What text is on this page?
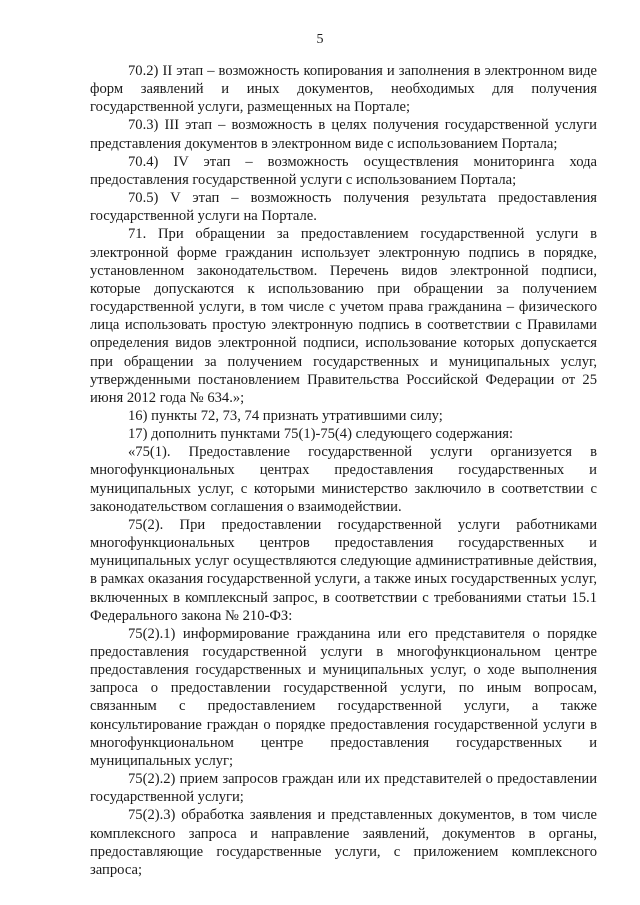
5

70.2) II этап – возможность копирования и заполнения в электронном виде форм заявлений и иных документов, необходимых для получения государственной услуги, размещенных на Портале;

70.3) III этап – возможность в целях получения государственной услуги представления документов в электронном виде с использованием Портала;

70.4) IV этап – возможность осуществления мониторинга хода предоставления государственной услуги с использованием Портала;

70.5) V этап – возможность получения результата предоставления государственной услуги на Портале.

71. При обращении за предоставлением государственной услуги в электронной форме гражданин использует электронную подпись в порядке, установленном законодательством. Перечень видов электронной подписи, которые допускаются к использованию при обращении за получением государственной услуги, в том числе с учетом права гражданина – физического лица использовать простую электронную подпись в соответствии с Правилами определения видов электронной подписи, использование которых допускается при обращении за получением государственных и муниципальных услуг, утвержденными постановлением Правительства Российской Федерации от 25 июня 2012 года № 634.»;

16) пункты 72, 73, 74 признать утратившими силу;

17) дополнить пунктами 75(1)-75(4) следующего содержания:

«75(1). Предоставление государственной услуги организуется в многофункциональных центрах предоставления государственных и муниципальных услуг, с которыми министерство заключило в соответствии с законодательством соглашения о взаимодействии.

75(2). При предоставлении государственной услуги работниками многофункциональных центров предоставления государственных и муниципальных услуг осуществляются следующие административные действия, в рамках оказания государственной услуги, а также иных государственных услуг, включенных в комплексный запрос, в соответствии с требованиями статьи 15.1 Федерального закона № 210-ФЗ:

75(2).1) информирование гражданина или его представителя о порядке предоставления государственной услуги в многофункциональном центре предоставления государственных и муниципальных услуг, о ходе выполнения запроса о предоставлении государственной услуги, по иным вопросам, связанным с предоставлением государственной услуги, а также консультирование граждан о порядке предоставления государственной услуги в многофункциональном центре предоставления государственных и муниципальных услуг;

75(2).2) прием запросов граждан или их представителей о предоставлении государственной услуги;

75(2).3) обработка заявления и представленных документов, в том числе комплексного запроса и направление заявлений, документов в органы, предоставляющие государственные услуги, с приложением комплексного запроса;
